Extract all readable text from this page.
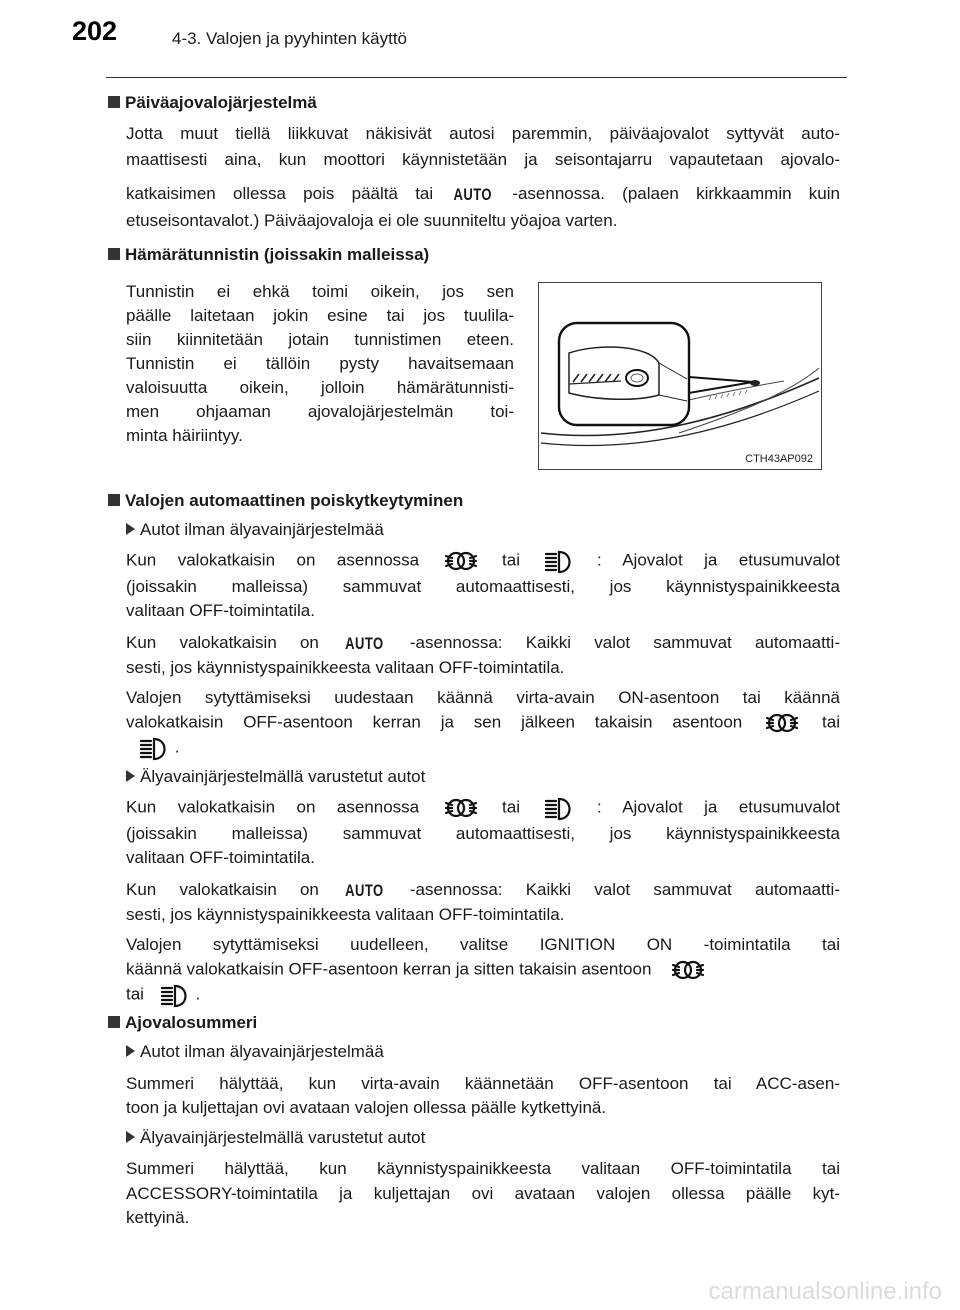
202	4-3. Valojen ja pyyhinten käyttö
Päiväajovalojärjestelmä
Jotta muut tiellä liikkuvat näkisivät autosi paremmin, päiväajovalot syttyvät auto-
maattisesti aina, kun moottori käynnistetään ja seisontajarru vapautetaan ajovalo-
katkaisimen ollessa pois päältä tai AUTO -asennossa. (palaen kirkkaammin kuin
etuseisontavalot.) Päiväajovaloja ei ole suunniteltu yöajoa varten.
Hämärätunnistin (joissakin malleissa)
Tunnistin ei ehkä toimi oikein, jos sen
päälle laitetaan jokin esine tai jos tuulila-
siin kiinnitetään jotain tunnistimen eteen.
Tunnistin ei tällöin pysty havaitsemaan
valoisuutta oikein, jolloin hämärätunnisti-
men ohjaaman ajovalojärjestelmän toi-
minta häiriintyy.
CTH43AP092
Valojen automaattinen poiskytkeytyminen
Autot ilman älyavainjärjestelmää
Kun valokatkaisin on asennossa	tai	: Ajovalot ja etusumuvalot
(joissakin malleissa) sammuvat automaattisesti, jos käynnistyspainikkeesta
valitaan OFF-toimintatila.
Kun valokatkaisin on AUTO -asennossa: Kaikki valot sammuvat automaatti-
sesti, jos käynnistyspainikkeesta valitaan OFF-toimintatila.
Valojen sytyttämiseksi uudestaan käännä virta-avain ON-asentoon tai käännä
valokatkaisin OFF-asentoon kerran ja sen jälkeen takaisin asentoon	tai
.
Älyavainjärjestelmällä varustetut autot
Kun valokatkaisin on asennossa	tai	: Ajovalot ja etusumuvalot
(joissakin malleissa) sammuvat automaattisesti, jos käynnistyspainikkeesta
valitaan OFF-toimintatila.
Kun valokatkaisin on AUTO -asennossa: Kaikki valot sammuvat automaatti-
sesti, jos käynnistyspainikkeesta valitaan OFF-toimintatila.
Valojen sytyttämiseksi uudelleen, valitse IGNITION ON -toimintatila tai
käännä valokatkaisin OFF-asentoon kerran ja sitten takaisin asentoon
tai	.
Ajovalosummeri
Autot ilman älyavainjärjestelmää
Summeri hälyttää, kun virta-avain käännetään OFF-asentoon tai ACC-asen-
toon ja kuljettajan ovi avataan valojen ollessa päälle kytkettyinä.
Älyavainjärjestelmällä varustetut autot
Summeri hälyttää, kun käynnistyspainikkeesta valitaan OFF-toimintatila tai
ACCESSORY-toimintatila ja kuljettajan ovi avataan valojen ollessa päälle kyt-
kettyinä.
carmanualsonline.info
